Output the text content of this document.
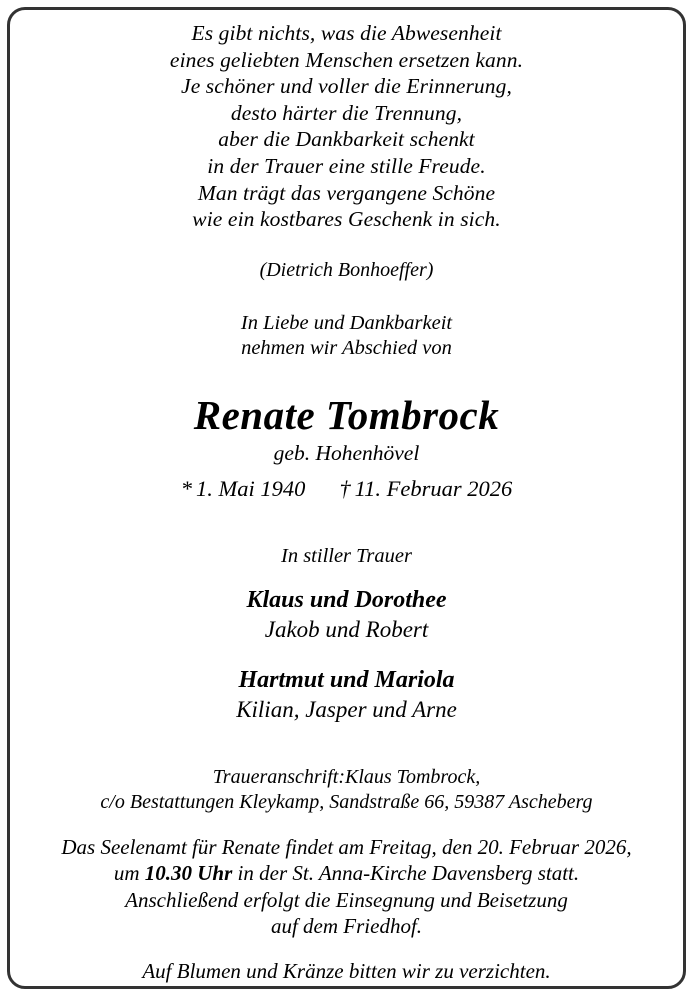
Es gibt nichts, was die Abwesenheit
eines geliebten Menschen ersetzen kann.
Je schöner und voller die Erinnerung,
desto härter die Trennung,
aber die Dankbarkeit schenkt
in der Trauer eine stille Freude.
Man trägt das vergangene Schöne
wie ein kostbares Geschenk in sich.
(Dietrich Bonhoeffer)
In Liebe und Dankbarkeit
nehmen wir Abschied von
Renate Tombrock
geb. Hohenhövel
* 1. Mai 1940 † 11. Februar 2026
In stiller Trauer
Klaus und Dorothee
Jakob und Robert
Hartmut und Mariola
Kilian, Jasper und Arne
Traueranschrift:Klaus Tombrock,
c/o Bestattungen Kleykamp, Sandstraße 66, 59387 Ascheberg
Das Seelenamt für Renate findet am Freitag, den 20. Februar 2026,
um 10.30 Uhr in der St. Anna-Kirche Davensberg statt.
Anschließend erfolgt die Einsegnung und Beisetzung
auf dem Friedhof.
Auf Blumen und Kränze bitten wir zu verzichten.
